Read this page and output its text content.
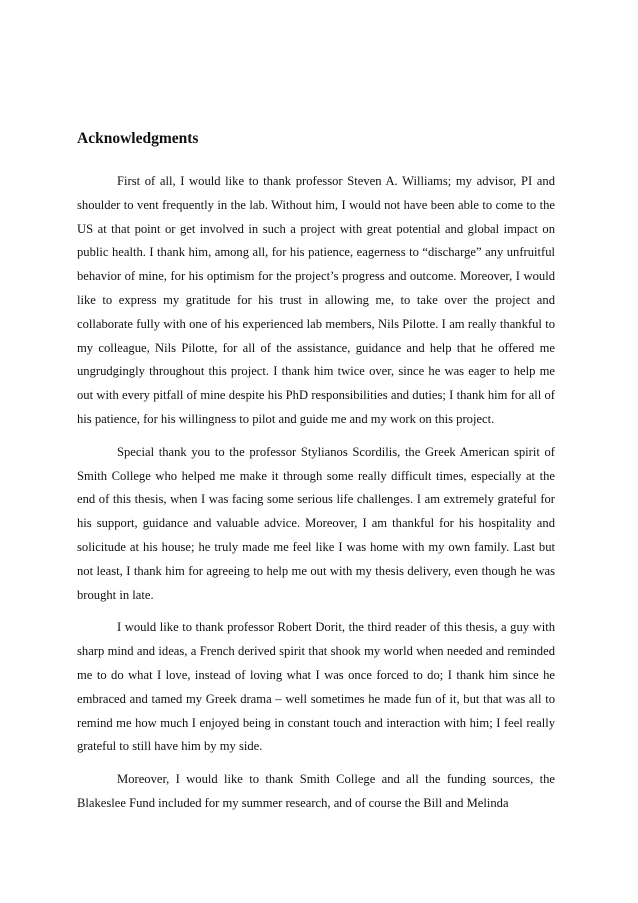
Acknowledgments

First of all, I would like to thank professor Steven A. Williams; my advisor, PI and shoulder to vent frequently in the lab. Without him, I would not have been able to come to the US at that point or get involved in such a project with great potential and global impact on public health. I thank him, among all, for his patience, eagerness to “discharge” any unfruitful behavior of mine, for his optimism for the project’s progress and outcome. Moreover, I would like to express my gratitude for his trust in allowing me, to take over the project and collaborate fully with one of his experienced lab members, Nils Pilotte. I am really thankful to my colleague, Nils Pilotte, for all of the assistance, guidance and help that he offered me ungrudgingly throughout this project. I thank him twice over, since he was eager to help me out with every pitfall of mine despite his PhD responsibilities and duties; I thank him for all of his patience, for his willingness to pilot and guide me and my work on this project.

Special thank you to the professor Stylianos Scordilis, the Greek American spirit of Smith College who helped me make it through some really difficult times, especially at the end of this thesis, when I was facing some serious life challenges. I am extremely grateful for his support, guidance and valuable advice. Moreover, I am thankful for his hospitality and solicitude at his house; he truly made me feel like I was home with my own family. Last but not least, I thank him for agreeing to help me out with my thesis delivery, even though he was brought in late.

I would like to thank professor Robert Dorit, the third reader of this thesis, a guy with sharp mind and ideas, a French derived spirit that shook my world when needed and reminded me to do what I love, instead of loving what I was once forced to do; I thank him since he embraced and tamed my Greek drama – well sometimes he made fun of it, but that was all to remind me how much I enjoyed being in constant touch and interaction with him; I feel really grateful to still have him by my side.

Moreover, I would like to thank Smith College and all the funding sources, the Blakeslee Fund included for my summer research, and of course the Bill and Melinda
